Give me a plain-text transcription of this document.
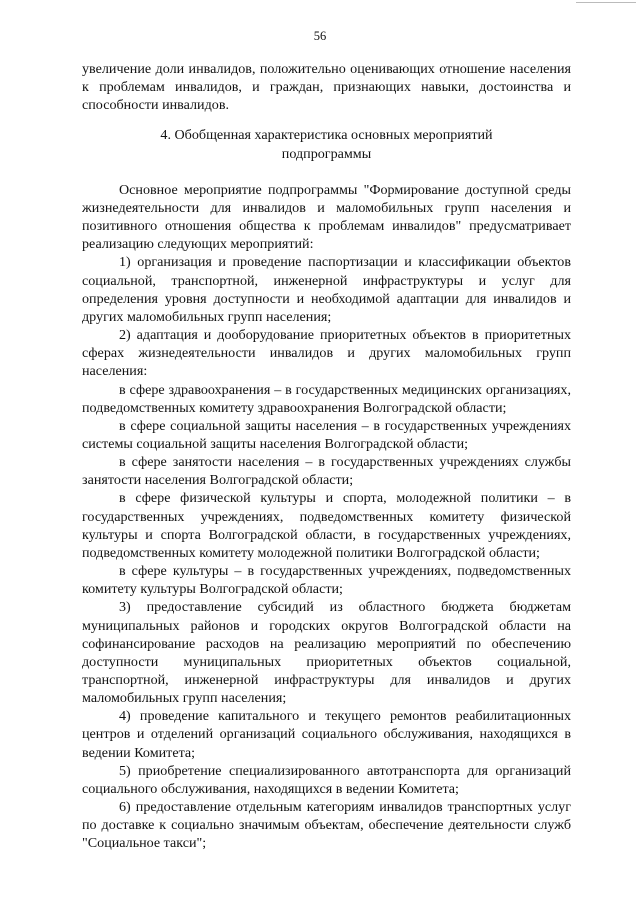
56

увеличение доли инвалидов, положительно оценивающих отношение населения к проблемам инвалидов, и граждан, признающих навыки, достоинства и способности инвалидов.

4. Обобщенная характеристика основных мероприятий
подпрограммы

Основное мероприятие подпрограммы "Формирование доступной среды жизнедеятельности для инвалидов и маломобильных групп населения и позитивного отношения общества к проблемам инвалидов" предусматривает реализацию следующих мероприятий:

1) организация и проведение паспортизации и классификации объектов социальной, транспортной, инженерной инфраструктуры и услуг для определения уровня доступности и необходимой адаптации для инвалидов и других маломобильных групп населения;

2) адаптация и дооборудование приоритетных объектов в приоритетных сферах жизнедеятельности инвалидов и других маломобильных групп населения:

в сфере здравоохранения – в государственных медицинских организациях, подведомственных комитету здравоохранения Волгоградской области;

в сфере социальной защиты населения – в государственных учреждениях системы социальной защиты населения Волгоградской области;

в сфере занятости населения – в государственных учреждениях службы занятости населения Волгоградской области;

в сфере физической культуры и спорта, молодежной политики – в государственных учреждениях, подведомственных комитету физической культуры и спорта Волгоградской области, в государственных учреждениях, подведомственных комитету молодежной политики Волгоградской области;

в сфере культуры – в государственных учреждениях, подведомственных комитету культуры Волгоградской области;

3) предоставление субсидий из областного бюджета бюджетам муниципальных районов и городских округов Волгоградской области на софинансирование расходов на реализацию мероприятий по обеспечению доступности муниципальных приоритетных объектов социальной, транспортной, инженерной инфраструктуры для инвалидов и других маломобильных групп населения;

4) проведение капитального и текущего ремонтов реабилитационных центров и отделений организаций социального обслуживания, находящихся в ведении Комитета;

5) приобретение специализированного автотранспорта для организаций социального обслуживания, находящихся в ведении Комитета;

6) предоставление отдельным категориям инвалидов транспортных услуг по доставке к социально значимым объектам, обеспечение деятельности служб "Социальное такси";
